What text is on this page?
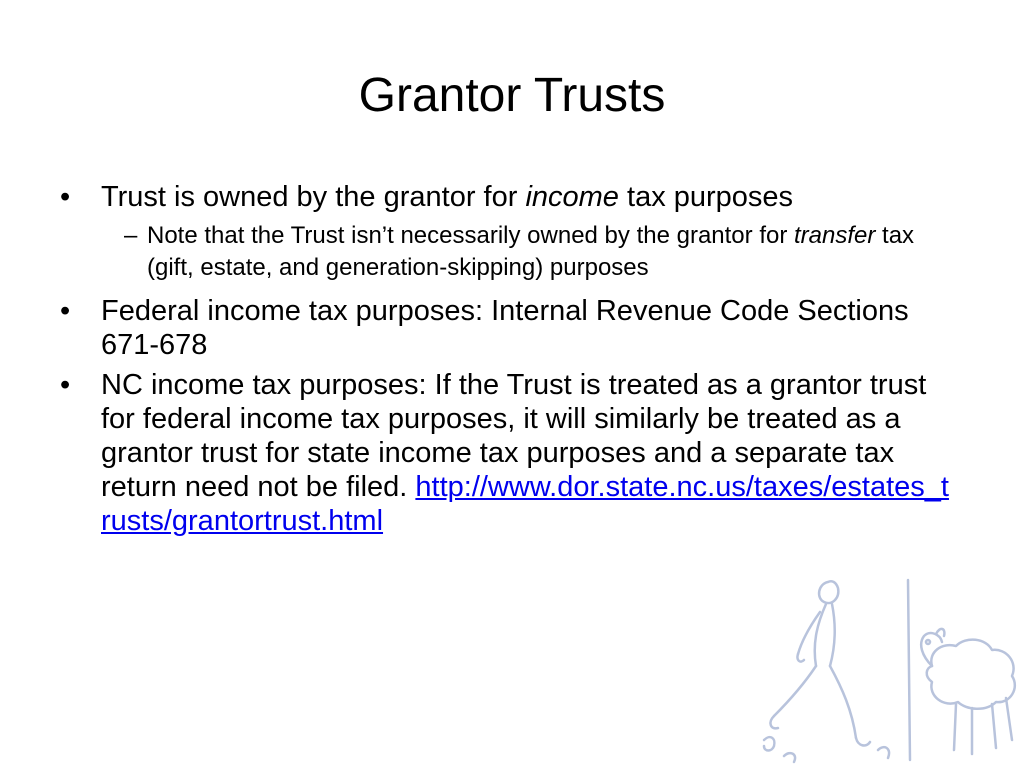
Grantor Trusts
•	Trust is owned by the grantor for income tax purposes
– Note that the Trust isn’t necessarily owned by the grantor for transfer tax (gift, estate, and generation-skipping) purposes
•	Federal income tax purposes: Internal Revenue Code Sections 671-678
•	NC income tax purposes: If the Trust is treated as a grantor trust for federal income tax purposes, it will similarly be treated as a grantor trust for state income tax purposes and a separate tax return need not be filed. http://www.dor.state.nc.us/taxes/estates_trusts/grantortrust.html
